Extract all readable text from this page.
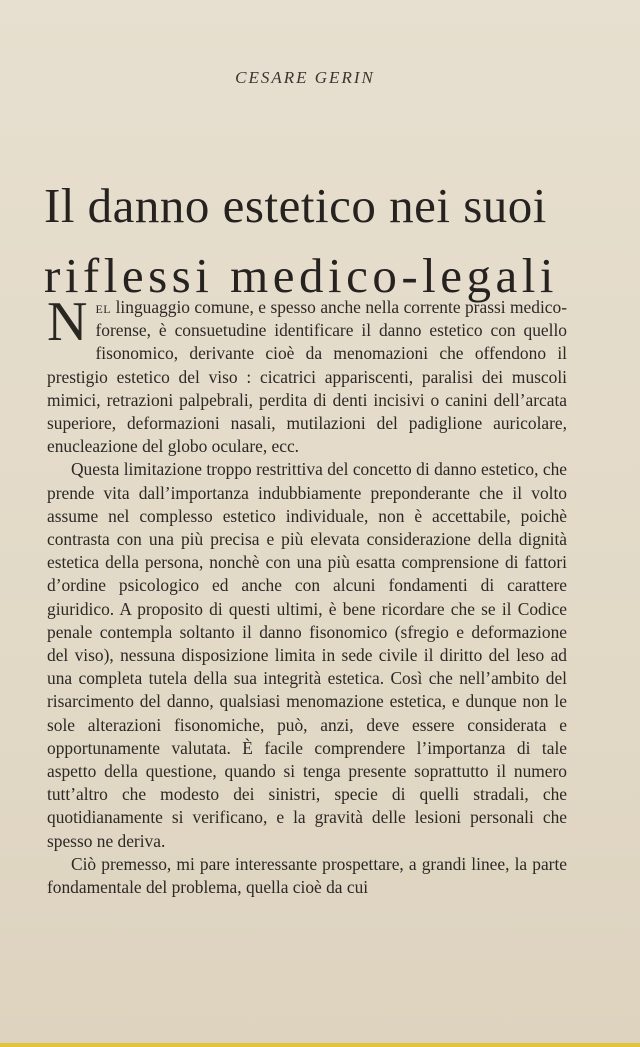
CESARE GERIN
Il danno estetico nei suoi
riflessi medico-legali

Nel linguaggio comune, e spesso anche nella corrente prassi medico-forense, è consuetudine identificare il danno estetico con quello fisonomico, derivante cioè da menomazioni che offendono il prestigio estetico del viso : cicatrici appariscenti, paralisi dei muscoli mimici, retrazioni palpebrali, perdita di denti incisivi o canini dell’arcata superiore, deformazioni nasali, mutilazioni del padiglione auricolare, enucleazione del globo oculare, ecc.

Questa limitazione troppo restrittiva del concetto di danno estetico, che prende vita dall’importanza indubbiamente preponderante che il volto assume nel complesso estetico individuale, non è accettabile, poichè contrasta con una più precisa e più elevata considerazione della dignità estetica della persona, nonchè con una più esatta comprensione di fattori d’ordine psicologico ed anche con alcuni fondamenti di carattere giuridico. A proposito di questi ultimi, è bene ricordare che se il Codice penale contempla soltanto il danno fisonomico (sfregio e deformazione del viso), nessuna disposizione limita in sede civile il diritto del leso ad una completa tutela della sua integrità estetica. Così che nell’ambito del risarcimento del danno, qualsiasi menomazione estetica, e dunque non le sole alterazioni fisonomiche, può, anzi, deve essere considerata e opportunamente valutata. È facile comprendere l’importanza di tale aspetto della questione, quando si tenga presente soprattutto il numero tutt’altro che modesto dei sinistri, specie di quelli stradali, che quotidianamente si verificano, e la gravità delle lesioni personali che spesso ne deriva.

Ciò premesso, mi pare interessante prospettare, a grandi linee, la parte fondamentale del problema, quella cioè da cui
